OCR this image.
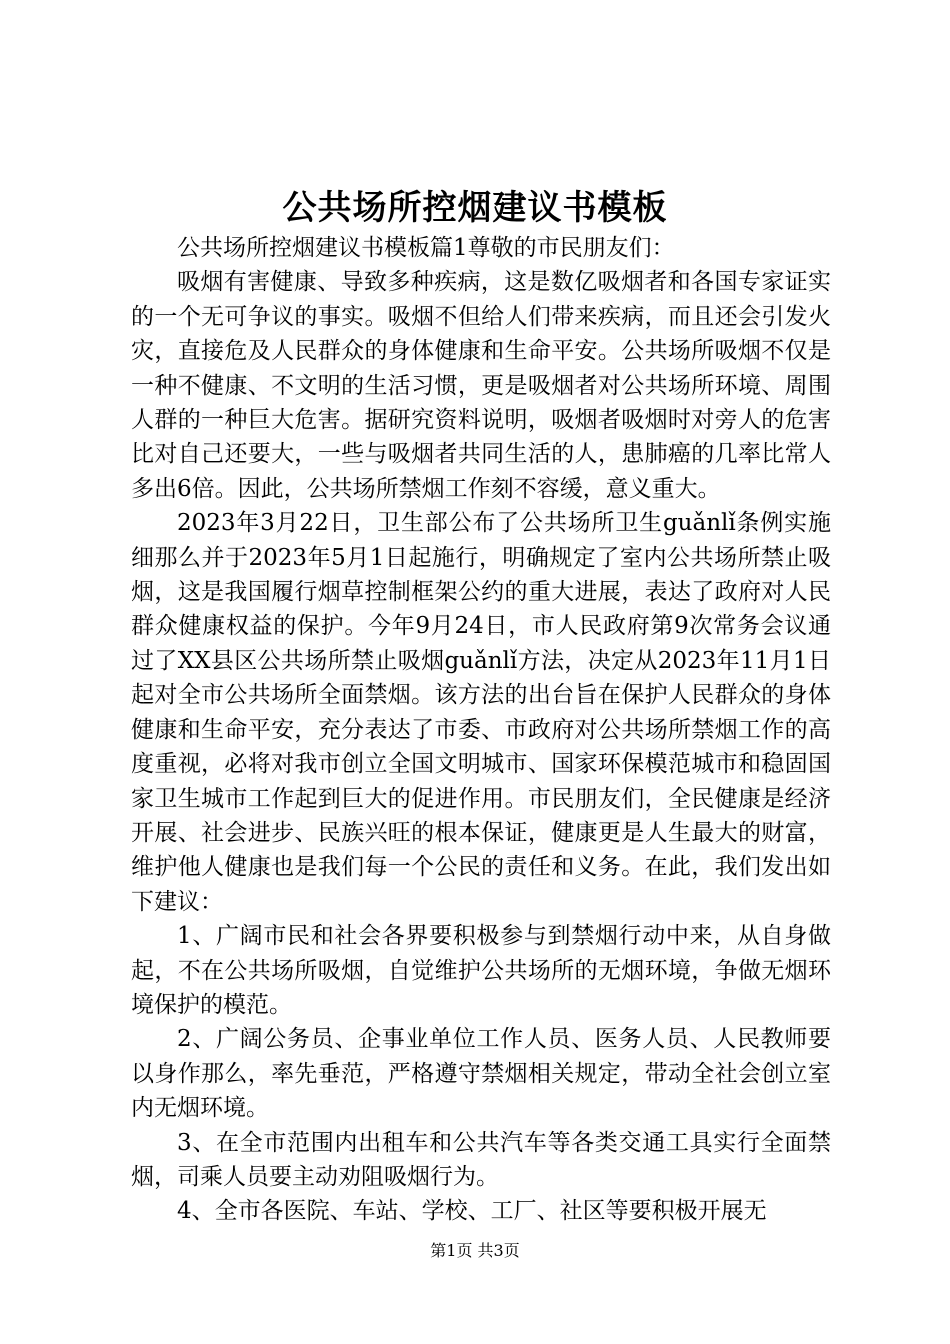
公共场所控烟建议书模板

公共场所控烟建议书模板篇1尊敬的市民朋友们：

吸烟有害健康、导致多种疾病，这是数亿吸烟者和各国专家证实的一个无可争议的事实。吸烟不但给人们带来疾病，而且还会引发火灾，直接危及人民群众的身体健康和生命平安。公共场所吸烟不仅是一种不健康、不文明的生活习惯，更是吸烟者对公共场所环境、周围人群的一种巨大危害。据研究资料说明，吸烟者吸烟时对旁人的危害比对自己还要大，一些与吸烟者共同生活的人，患肺癌的几率比常人多出6倍。因此，公共场所禁烟工作刻不容缓，意义重大。

2023年3月22日，卫生部公布了公共场所卫生guǎnlǐ条例实施细那么并于2023年5月1日起施行，明确规定了室内公共场所禁止吸烟，这是我国履行烟草控制框架公约的重大进展，表达了政府对人民群众健康权益的保护。今年9月24日，市人民政府第9次常务会议通过了XX县区公共场所禁止吸烟guǎnlǐ方法，决定从2023年11月1日起对全市公共场所全面禁烟。该方法的出台旨在保护人民群众的身体健康和生命平安，充分表达了市委、市政府对公共场所禁烟工作的高度重视，必将对我市创立全国文明城市、国家环保模范城市和稳固国家卫生城市工作起到巨大的促进作用。市民朋友们，全民健康是经济开展、社会进步、民族兴旺的根本保证，健康更是人生最大的财富，维护他人健康也是我们每一个公民的责任和义务。在此，我们发出如下建议：

1、广阔市民和社会各界要积极参与到禁烟行动中来，从自身做起，不在公共场所吸烟，自觉维护公共场所的无烟环境，争做无烟环境保护的模范。

2、广阔公务员、企事业单位工作人员、医务人员、人民教师要以身作那么，率先垂范，严格遵守禁烟相关规定，带动全社会创立室内无烟环境。

3、在全市范围内出租车和公共汽车等各类交通工具实行全面禁烟，司乘人员要主动劝阻吸烟行为。

4、全市各医院、车站、学校、工厂、社区等要积极开展无

第1页 共3页
